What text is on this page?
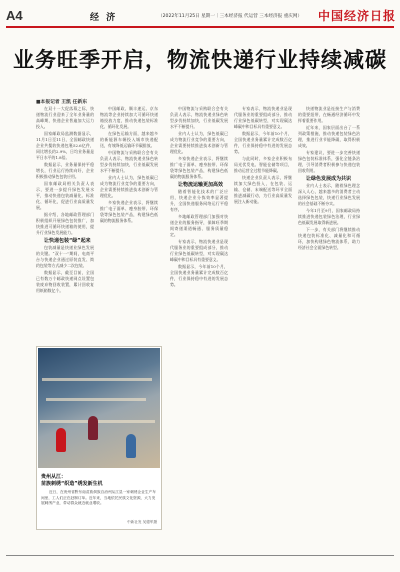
A4	经 济	（2022年11月25日 星期一｜三本经济报 代运营 三本经济报 重庆网） 中国经济日报
业务旺季开启，物流快递行业持续减碳
■本报记者 王凯 任新东

在双十一大促落幕之际，快递物流行业迎来了全年业务量的高峰期，快递企业普遍加大运力投入。

国家邮政局监测数据显示，11月1日至11日，全国邮政快递企业共揽收快递包裹52.6亿件，同比增长约2.9%，日均业务量是平日水平的1.8倍。

数据显示，业务量保持平稳增长，行业运行持续向好，企业积极推动绿色包装应用。

国家邮政局相关负责人表示，要进一步提升绿色发展水平，推动快递包装减量化、标准化、循环化，促进行业高质量发展。

据介绍，各地邮政管理部门积极组织开展绿色包装推广，加快推进可循环快递箱的使用，提升行业绿色发展能力。

让快递包装“绿”起来

包装减量是快递业绿色发展的关键。“双十一”期间，电商平台与快递企业通过原装直发、简约包装等方式减少二次包装。

数据显示，截至目前，全国已有数万个邮政快递网点设置包装废弃物回收装置，累计回收复用纸箱数亿个。

中国邮政、顺丰速运、京东物流等企业持续加大可循环快递箱投放力度，推动快递包装标准化、循环化发展。

在绿色运输方面，越来越多的新能源车辆投入城市快递配送，有效降低运输环节碳排放。

中国物流与采购联合会有关负责人表示，物流快递业绿色转型步伐持续加快，行业低碳发展水平不断提升。

业内人士认为，绿色低碳已成为物流行业竞争的重要方向，企业需要持续推进技术创新与管理优化。

多家快递企业表示，将继续推广电子面单、瘦身胶带、环保袋等绿色包装产品，构建绿色低碳的物流服务体系。

中国物流与采购联合会有关负责人表示，物流快递业绿色转型步伐持续加快，行业低碳发展水平不断提升。

业内人士认为，绿色低碳已成为物流行业竞争的重要方向，企业需要持续推进技术创新与管理优化。

多家快递企业表示，将继续推广电子面单、瘦身胶带、环保袋等绿色包装产品，构建绿色低碳的物流服务体系。

让物流运输更加高效

随着智能化技术的广泛应用，快递企业分拣效率显著提升，全国快递服务网络运行平稳有序。

多地邮政管理部门加强对快递企业的服务指导，保障旺季期间寄递渠道畅通、服务质量稳定。

专家表示，物流快递业是现代服务业的重要组成部分，推动行业绿色低碳转型，对实现碳达峰碳中和目标具有重要意义。

数据显示，今年前10个月，全国快递业务量累计完成数百亿件，行业保持稳中有进的发展态势。

专家表示，物流快递业是现代服务业的重要组成部分，推动行业绿色低碳转型，对实现碳达峰碳中和目标具有重要意义。

数据显示，今年前10个月，全国快递业务量累计完成数百亿件，行业保持稳中有进的发展态势。

与此同时，多家企业积极布局光伏发电、智能仓储等项目，推动运营全过程节能降碳。

快递企业负责人表示，将继续加大绿色投入，在包装、运输、仓储、末端配送等环节全面推进减碳行动，为行业高质量发展注入新动能。

快递物流业是连接生产与消费的重要纽带，在畅通经济循环中发挥着重要作用。

近年来，国家层面出台了一系列政策措施，推动快递包装绿色治理，推进行业节能降碳，取得积极成效。

专家建议，要进一步完善快递绿色包装标准体系，强化全链条治理，引导消费者积极参与快递包装回收利用。

让绿色发展成为共识

业内人士表示，随着绿色理念深入人心，越来越多的消费者主动选择绿色包装，快递行业绿色发展的社会基础不断夯实。

今年1月至9月，国家邮政局持续推进快递包装绿色治理，行业绿色低碳发展取得新进展。

下一步，有关部门将继续推动快递包装标准化、减量化和可循环，加快构建绿色物流体系，助力经济社会全面绿色转型。

贵州从江：
苗族刺绣“织造”绣发新生机
近日，在贵州省黔东南苗族侗族自治州从江县一家刺绣企业生产车间里，工人们正在赶制订单。近年来，当地依托民族文化资源，大力发展刺绣产业，带动群众就近就业增收。
中新社发 吴德军摄
